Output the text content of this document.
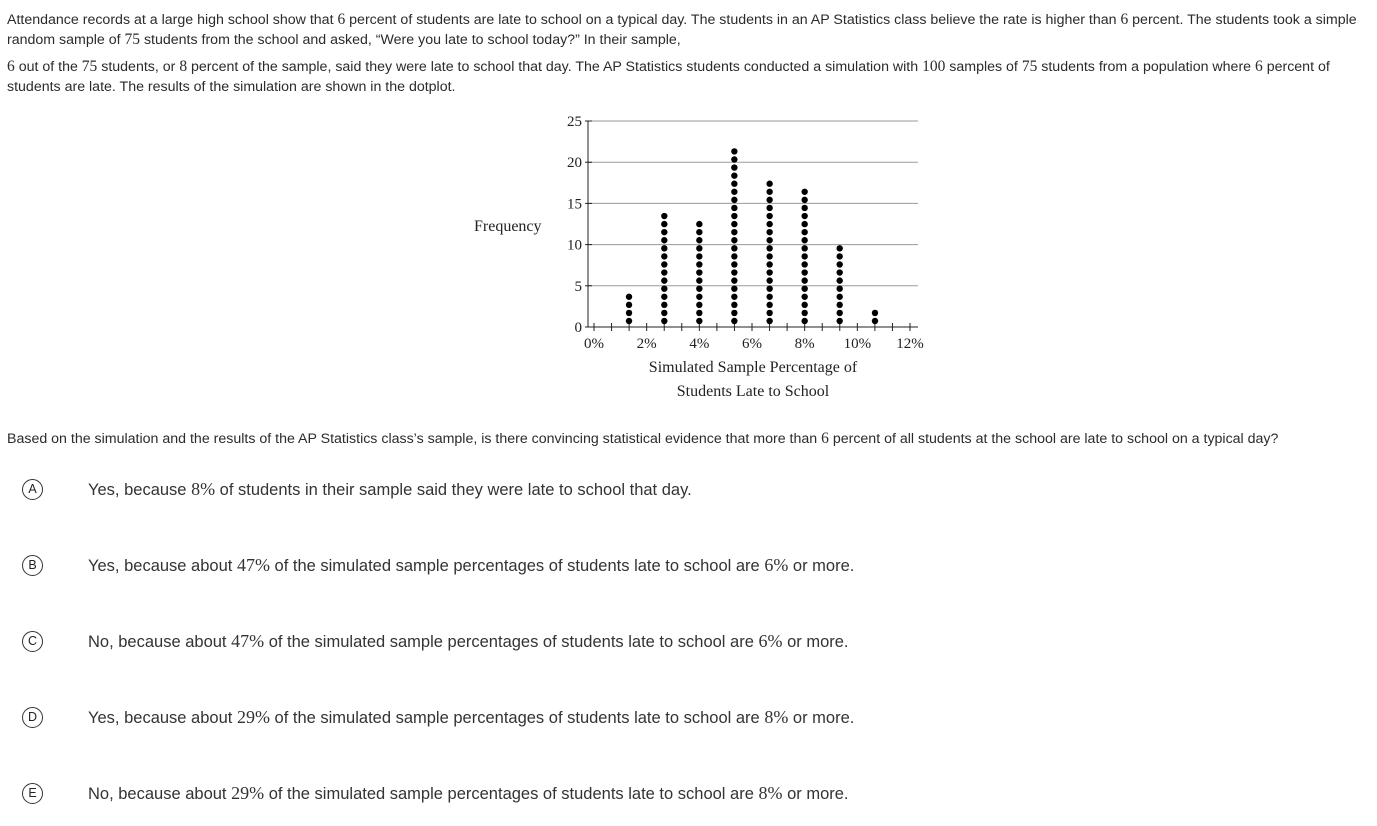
Attendance records at a large high school show that 6 percent of students are late to school on a typical day. The students in an AP Statistics class believe the rate is higher than 6 percent. The students took a simple random sample of 75 students from the school and asked, “Were you late to school today?” In their sample,

6 out of the 75 students, or 8 percent of the sample, said they were late to school that day. The AP Statistics students conducted a simulation with 100 samples of 75 students from a population where 6 percent of students are late. The results of the simulation are shown in the dotplot.

0
5
10
15
20
25
0% 2% 4% 6% 8% 10% 12%
Frequency
Simulated Sample Percentage of
Students Late to School

Based on the simulation and the results of the AP Statistics class’s sample, is there convincing statistical evidence that more than 6 percent of all students at the school are late to school on a typical day?

A	Yes, because 8% of students in their sample said they were late to school that day.
B	Yes, because about 47% of the simulated sample percentages of students late to school are 6% or more.
C	No, because about 47% of the simulated sample percentages of students late to school are 6% or more.
D	Yes, because about 29% of the simulated sample percentages of students late to school are 8% or more.
E	No, because about 29% of the simulated sample percentages of students late to school are 8% or more.
